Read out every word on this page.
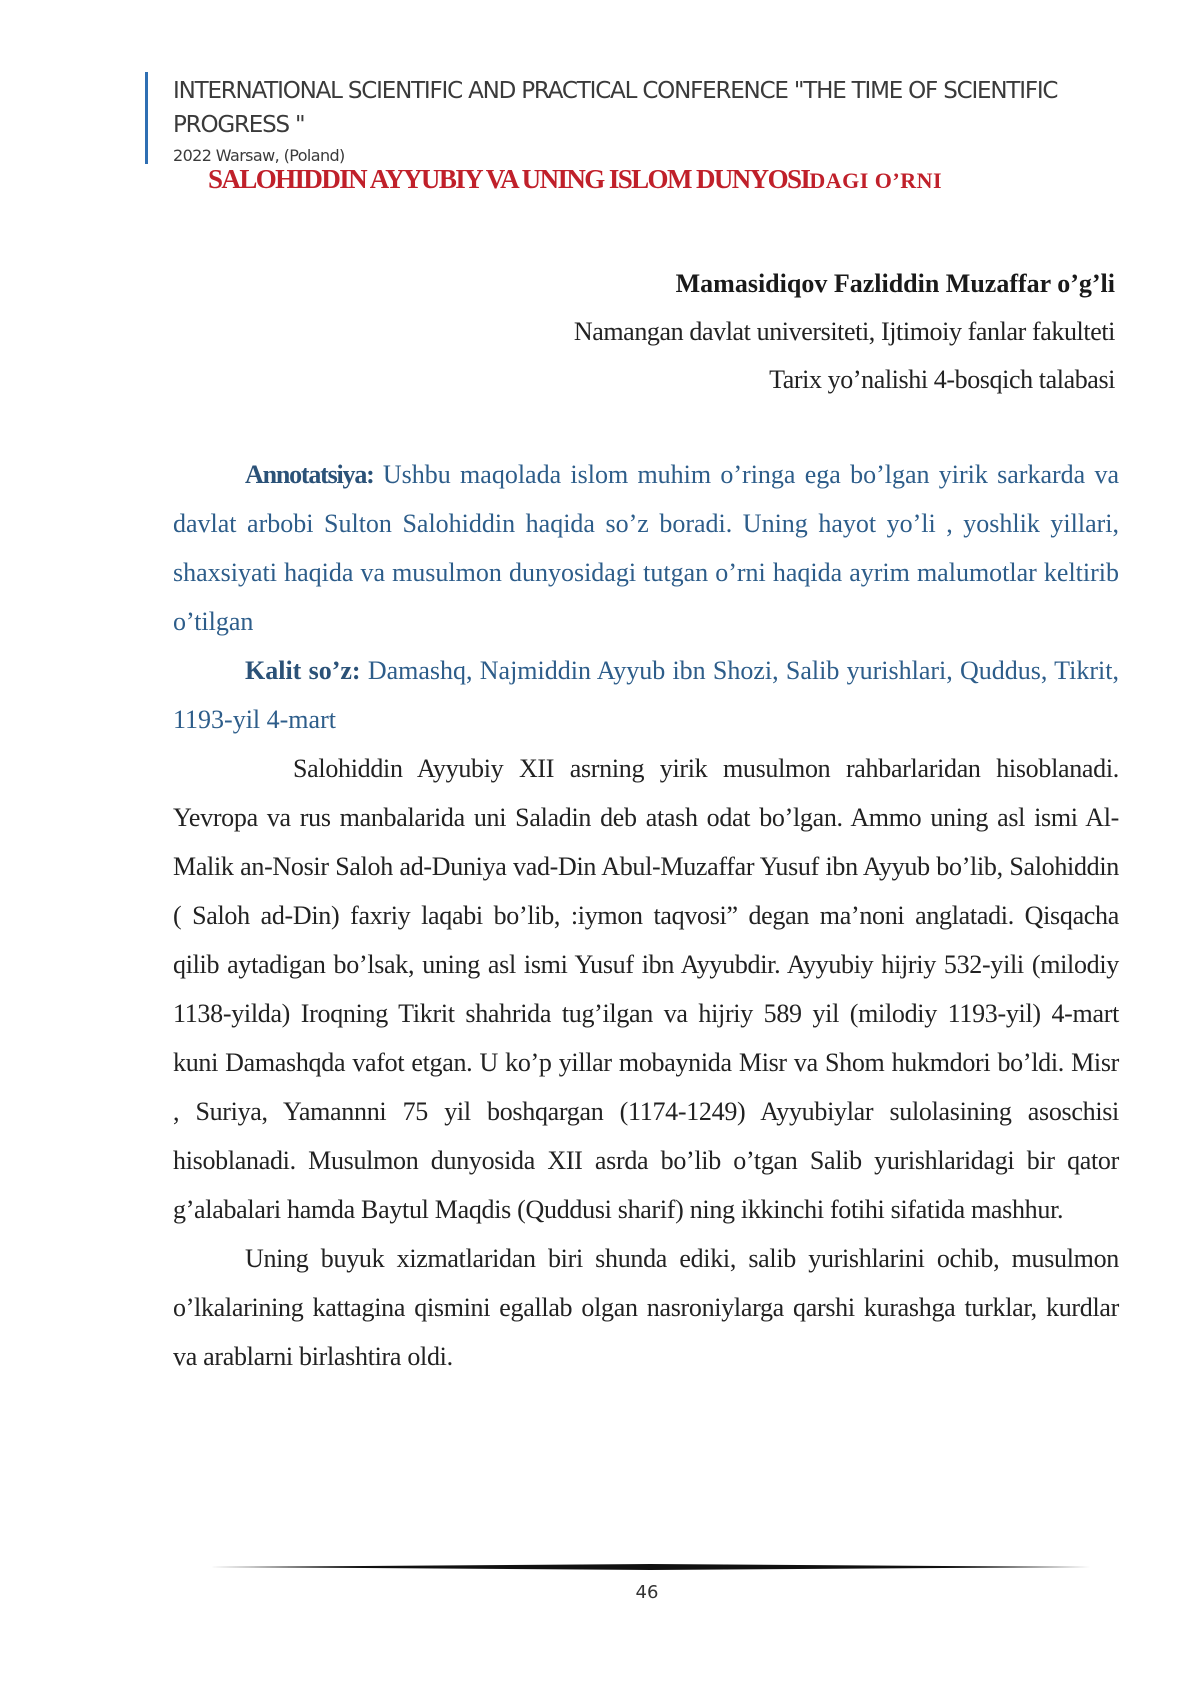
INTERNATIONAL SCIENTIFIC AND PRACTICAL CONFERENCE "THE TIME OF SCIENTIFIC PROGRESS "
2022 Warsaw, (Poland)
SALOHIDDIN AYYUBIY VA UNING ISLOM DUNYOSIDAGI O’RNI
Mamasidiqov Fazliddin Muzaffar o’g’li
Namangan davlat universiteti, Ijtimoiy fanlar fakulteti
Tarix yo’nalishi 4-bosqich talabasi

Annotatsiya: Ushbu maqolada islom muhim o’ringa ega bo’lgan yirik sarkarda va davlat arbobi Sulton Salohiddin haqida so’z boradi. Uning hayot yo’li , yoshlik yillari, shaxsiyati haqida va musulmon dunyosidagi tutgan o’rni haqida ayrim malumotlar keltirib o’tilgan

Kalit so’z: Damashq, Najmiddin Ayyub ibn Shozi, Salib yurishlari, Quddus, Tikrit, 1193-yil 4-mart

Salohiddin Ayyubiy XII asrning yirik musulmon rahbarlaridan hisoblanadi. Yevropa va rus manbalarida uni Saladin deb atash odat bo’lgan. Ammo uning asl ismi Al-Malik an-Nosir Saloh ad-Duniya vad-Din Abul-Muzaffar Yusuf ibn Ayyub bo’lib, Salohiddin ( Saloh ad-Din) faxriy laqabi bo’lib, :iymon taqvosi” degan ma’noni anglatadi. Qisqacha qilib aytadigan bo’lsak, uning asl ismi Yusuf ibn Ayyubdir. Ayyubiy hijriy 532-yili (milodiy 1138-yilda) Iroqning Tikrit shahrida tug’ilgan va hijriy 589 yil (milodiy 1193-yil) 4-mart kuni Damashqda vafot etgan. U ko’p yillar mobaynida Misr va Shom hukmdori bo’ldi. Misr , Suriya, Yamannni 75 yil boshqargan (1174-1249) Ayyubiylar sulolasining asoschisi hisoblanadi. Musulmon dunyosida XII asrda bo’lib o’tgan Salib yurishlaridagi bir qator g’alabalari hamda Baytul Maqdis (Quddusi sharif) ning ikkinchi fotihi sifatida mashhur.

Uning buyuk xizmatlaridan biri shunda ediki, salib yurishlarini ochib, musulmon o’lkalarining kattagina qismini egallab olgan nasroniylarga qarshi kurashga turklar, kurdlar va arablarni birlashtira oldi.

46
